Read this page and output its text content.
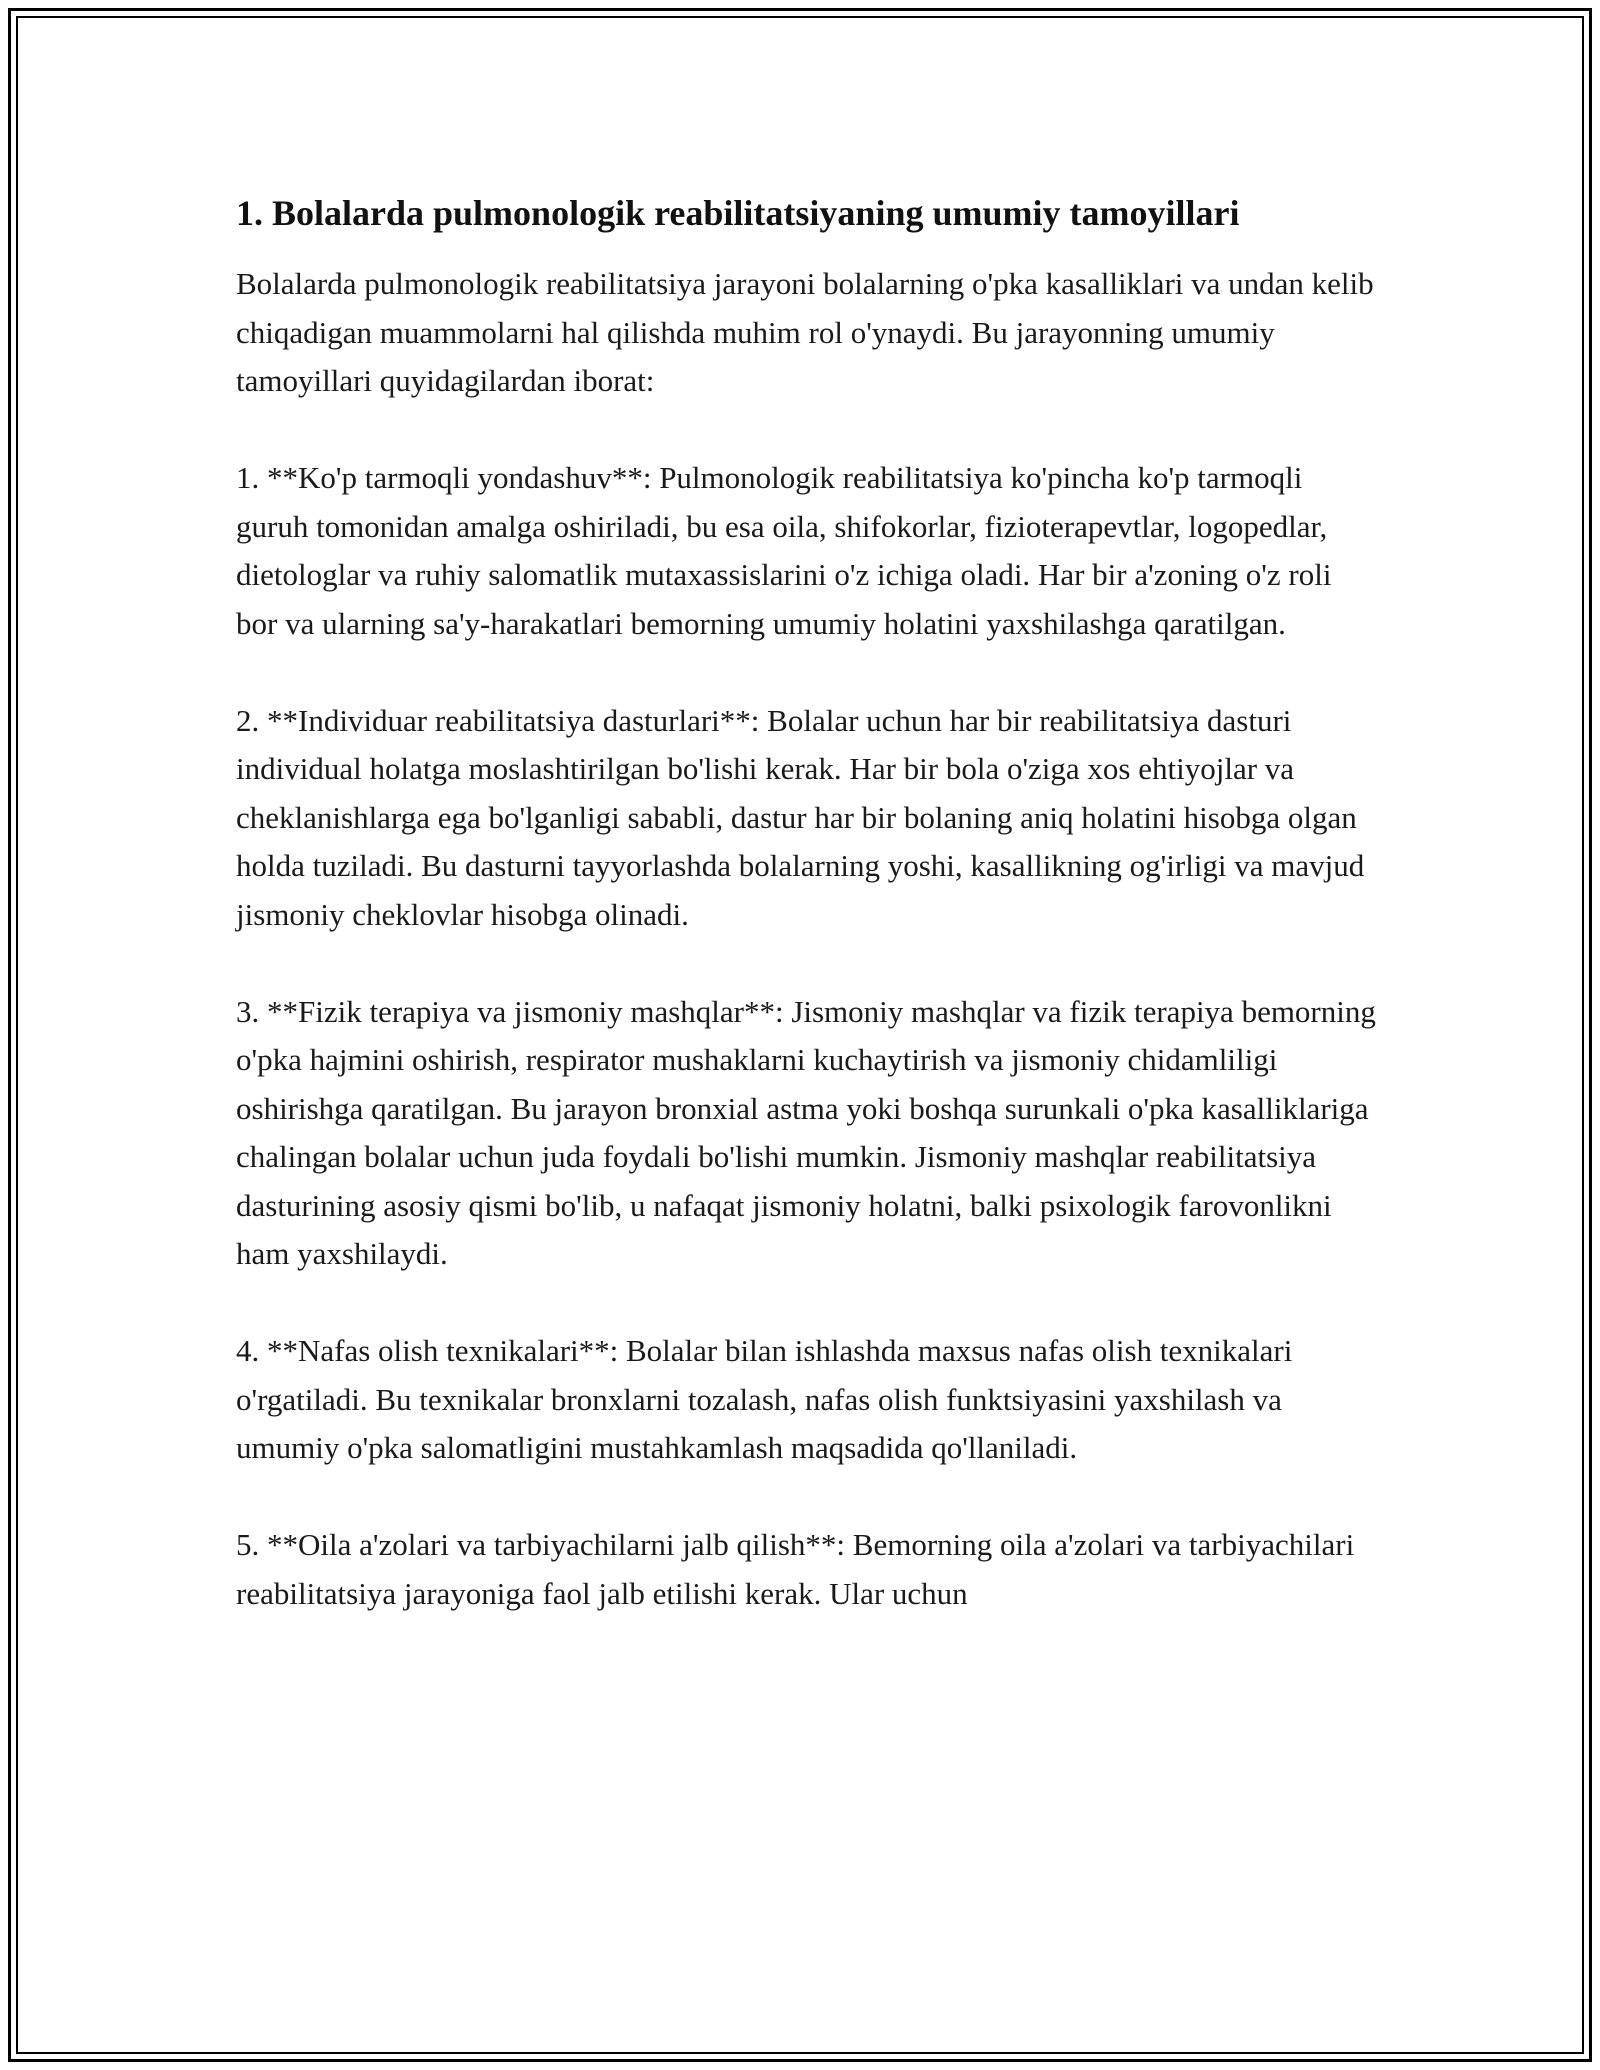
1. Bolalarda pulmonologik reabilitatsiyaning umumiy tamoyillari

Bolalarda pulmonologik reabilitatsiya jarayoni bolalarning o'pka kasalliklari va undan kelib chiqadigan muammolarni hal qilishda muhim rol o'ynaydi. Bu jarayonning umumiy tamoyillari quyidagilardan iborat:

1. **Ko'p tarmoqli yondashuv**: Pulmonologik reabilitatsiya ko'pincha ko'p tarmoqli guruh tomonidan amalga oshiriladi, bu esa oila, shifokorlar, fizioterapevtlar, logopedlar, dietologlar va ruhiy salomatlik mutaxassislarini o'z ichiga oladi. Har bir a'zoning o'z roli bor va ularning sa'y-harakatlari bemorning umumiy holatini yaxshilashga qaratilgan.

2. **Individuar reabilitatsiya dasturlari**: Bolalar uchun har bir reabilitatsiya dasturi individual holatga moslashtirilgan bo'lishi kerak. Har bir bola o'ziga xos ehtiyojlar va cheklanishlarga ega bo'lganligi sababli, dastur har bir bolaning aniq holatini hisobga olgan holda tuziladi. Bu dasturni tayyorlashda bolalarning yoshi, kasallikning og'irligi va mavjud jismoniy cheklovlar hisobga olinadi.

3. **Fizik terapiya va jismoniy mashqlar**: Jismoniy mashqlar va fizik terapiya bemorning o'pka hajmini oshirish, respirator mushaklarni kuchaytirish va jismoniy chidamliligi oshirishga qaratilgan. Bu jarayon bronxial astma yoki boshqa surunkali o'pka kasalliklariga chalingan bolalar uchun juda foydali bo'lishi mumkin. Jismoniy mashqlar reabilitatsiya dasturining asosiy qismi bo'lib, u nafaqat jismoniy holatni, balki psixologik farovonlikni ham yaxshilaydi.

4. **Nafas olish texnikalari**: Bolalar bilan ishlashda maxsus nafas olish texnikalari o'rgatiladi. Bu texnikalar bronxlarni tozalash, nafas olish funktsiyasini yaxshilash va umumiy o'pka salomatligini mustahkamlash maqsadida qo'llaniladi.

5. **Oila a'zolari va tarbiyachilarni jalb qilish**: Bemorning oila a'zolari va tarbiyachilari reabilitatsiya jarayoniga faol jalb etilishi kerak. Ular uchun
